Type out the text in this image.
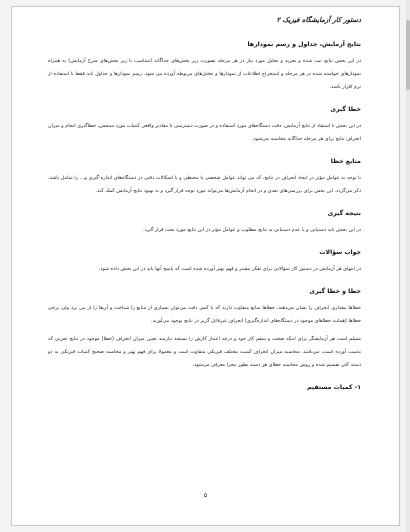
دستور کار آزمایشگاه فیزیک ۲
نتایج آزمایش، جداول و رسم نمودارها

در این بخش نتایج ثبت شده و تجزیه و تحلیل مورد نیاز در هر مرحله بصورت زیر بخش‌های جداگانه (متناسب با زیر بخش‌های شرح آزمایش) به همراه نمودارهای خواسته شده در هر مرحله و استخراج اطلاعات از نمودارها و تحلیل‌های مربوطه آورده می شود. رسم نمودارها و جداول باید فقط با استفاده از نرم افزار باشد.

خطا گیری

در این بخش با استفاد از نتایج آزمایش، دقت دستگاه‌های مورد استفاده و در صورت دسترسی با مقادیر واقعی کمیات مورد سنجش، خطاگیری انجام و میزان انحراف نتایج برای هر مرحله جداگانه محاسبه می‌شود.

منابع خطا

با توجه به عوامل مؤثر در ایجاد انحراف در نتایج، که می تواند عوامل شخصی یا محیطی و یا اشکالات دقتی در دستگاه‌های اندازه-گیری و... را شامل باشد، ذکر می‌گردد. این بخش برای بررسی‌های بعدی و در انجام آزمایش‌ها می‌تواند مورد توجه قرار گیرد و به بهبود نتایج آزمایش کمک کند.

نتیجه گیری

در این بخش باید دستیابی و یا عدم دستیابی به نتایج مطلوب و عوامل مؤثر در این نتایج مورد بحث قرار گیرد.

جواب سؤالات

در انتهای هر آزمایش در دستور کار سؤالاتی برای تفکر بیشتر و فهم بهتر آورده شده است که پاسخ آنها باید در این بخش داده شود.

خطا و خطا گیری

خطاها مقداری انحراف را نشان می‌دهند. خطاها منابع متفاوت دارند که با کمی دقت می‌توان بسیاری از منابع را شناخت و آن‌ها را از بین برد ولی برخی خطاها (همانند خطاهای موجود در دستگاه‌های اندازه‌گیری) انحراف غیرقابل گریز در نتایج بوجود می‌آورند.

مسلم است هر آزمایشگر برای اینکه صحت و سقم کار خود و درجه اعتبار کارش را بسنجد نیازمند تعیین میزان انحراف (خطا) موجود در نتایج تجربی که بدست آورده است، می‌باشد. محاسبه میزان انحراف کمیت مختلف فیزیکی متفاوت است و معمولا برای فهم بهتر و محاسبه صحیح کمیات فیزیکی به دو دسته کلی تقسیم شده و روش محاسبه خطای هر دسته بطور مجزا معرفی می‌شود.

۱- کمیات مستقیم
۵
